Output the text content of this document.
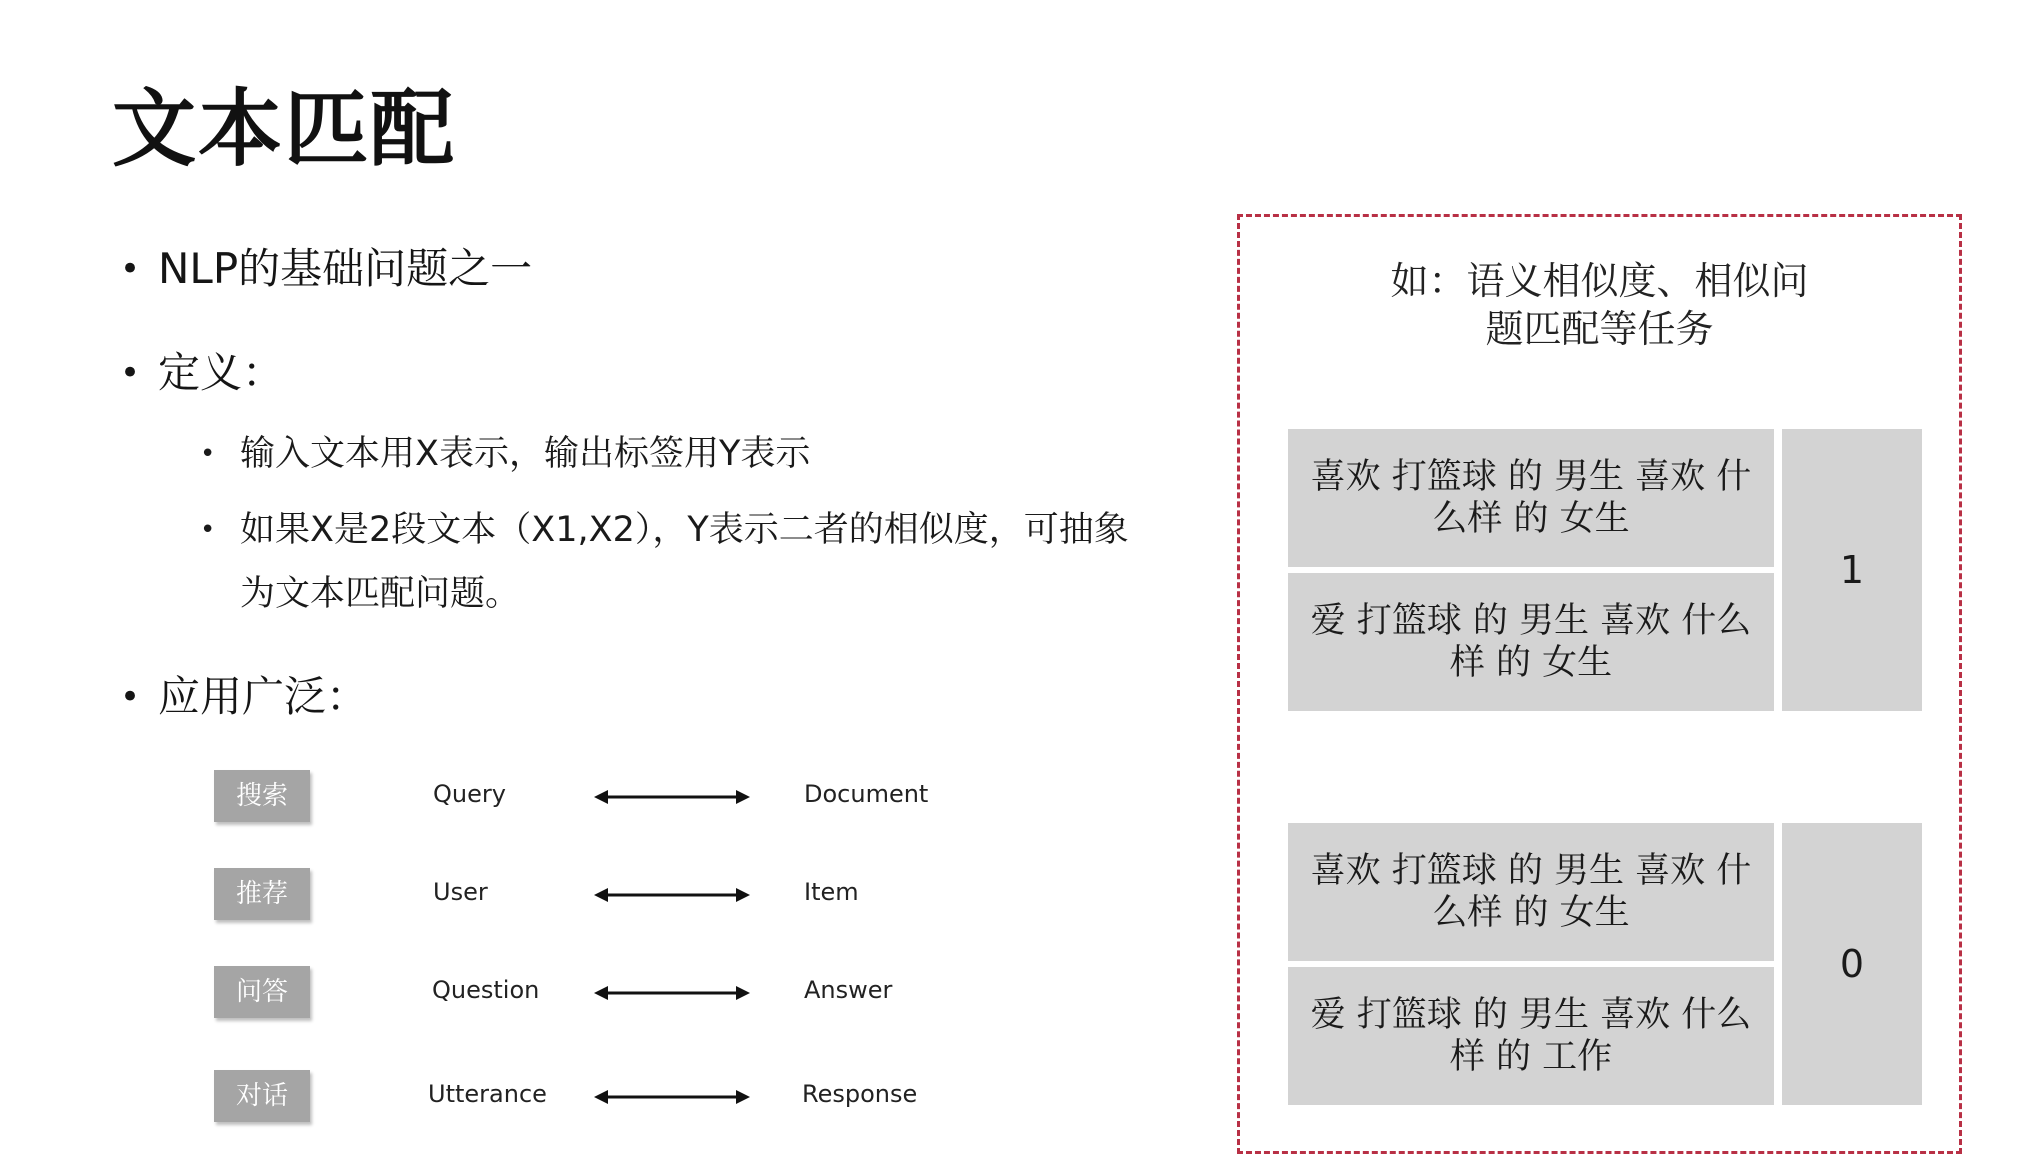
文本匹配
NLP的基础问题之一
定义：
输入文本用X表示，输出标签用Y表示
如果X是2段文本（X1,X2），Y表示二者的相似度，可抽象
为文本匹配问题。
应用广泛：
搜索	Query	Document
推荐	User	Item
问答	Question	Answer
对话	Utterance	Response
如：语义相似度、相似问
题匹配等任务
喜欢 打篮球 的 男生 喜欢 什么样 的 女生
爱 打篮球 的 男生 喜欢 什么样 的 女生
1
喜欢 打篮球 的 男生 喜欢 什么样 的 女生
爱 打篮球 的 男生 喜欢 什么样 的 工作
0
